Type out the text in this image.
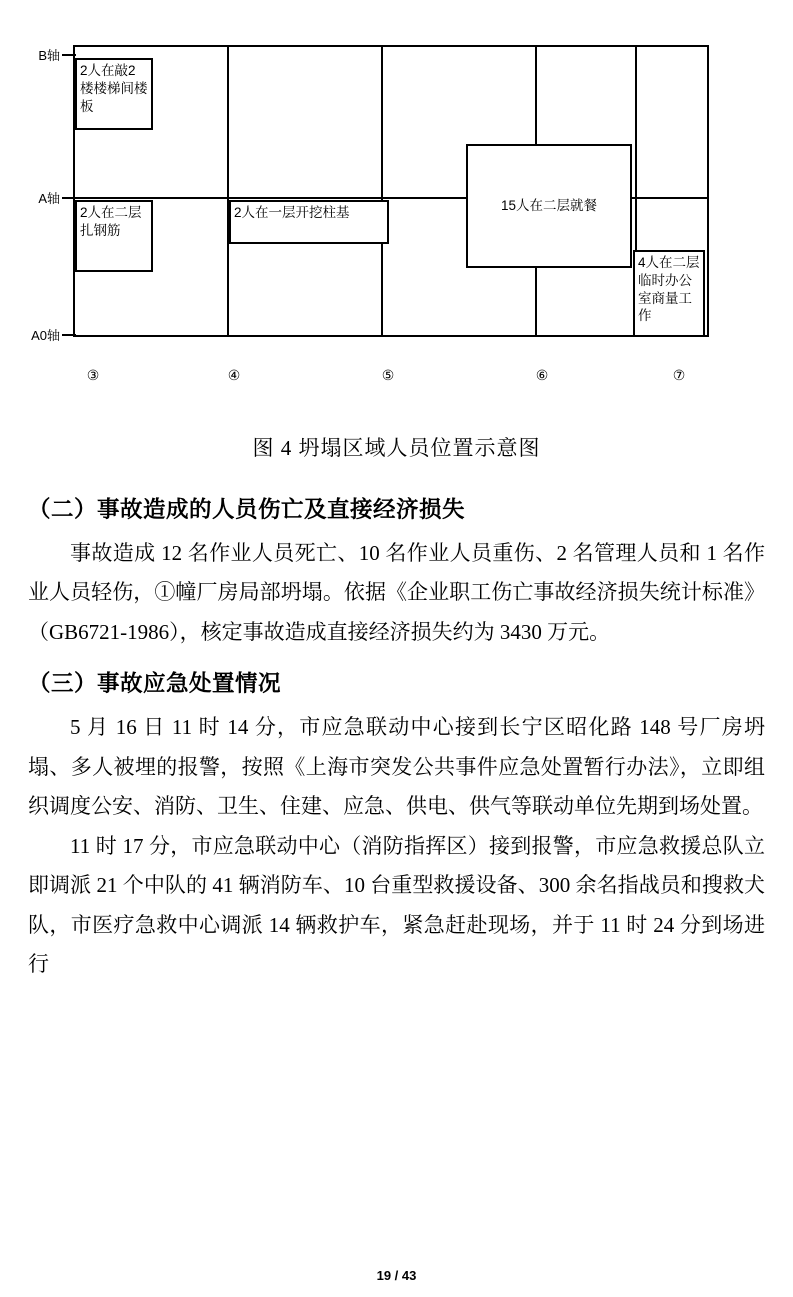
B轴
A轴
A0轴
2人在敲2楼楼梯间楼板
2人在二层扎钢筋
2人在一层开挖柱基	15人在二层就餐
4人在二层临时办公室商量工作
③	④	⑤	⑥	⑦
图 4 坍塌区域人员位置示意图
（二）事故造成的人员伤亡及直接经济损失

事故造成 12 名作业人员死亡、10 名作业人员重伤、2 名管理人员和 1 名作业人员轻伤，①幢厂房局部坍塌。依据《企业职工伤亡事故经济损失统计标准》（GB6721-1986），核定事故造成直接经济损失约为 3430 万元。

（三）事故应急处置情况

5 月 16 日 11 时 14 分，市应急联动中心接到长宁区昭化路 148 号厂房坍塌、多人被埋的报警，按照《上海市突发公共事件应急处置暂行办法》，立即组织调度公安、消防、卫生、住建、应急、供电、供气等联动单位先期到场处置。

11 时 17 分，市应急联动中心（消防指挥区）接到报警，市应急救援总队立即调派 21 个中队的 41 辆消防车、10 台重型救援设备、300 余名指战员和搜救犬队，市医疗急救中心调派 14 辆救护车，紧急赶赴现场，并于 11 时 24 分到场进行

19 / 43
